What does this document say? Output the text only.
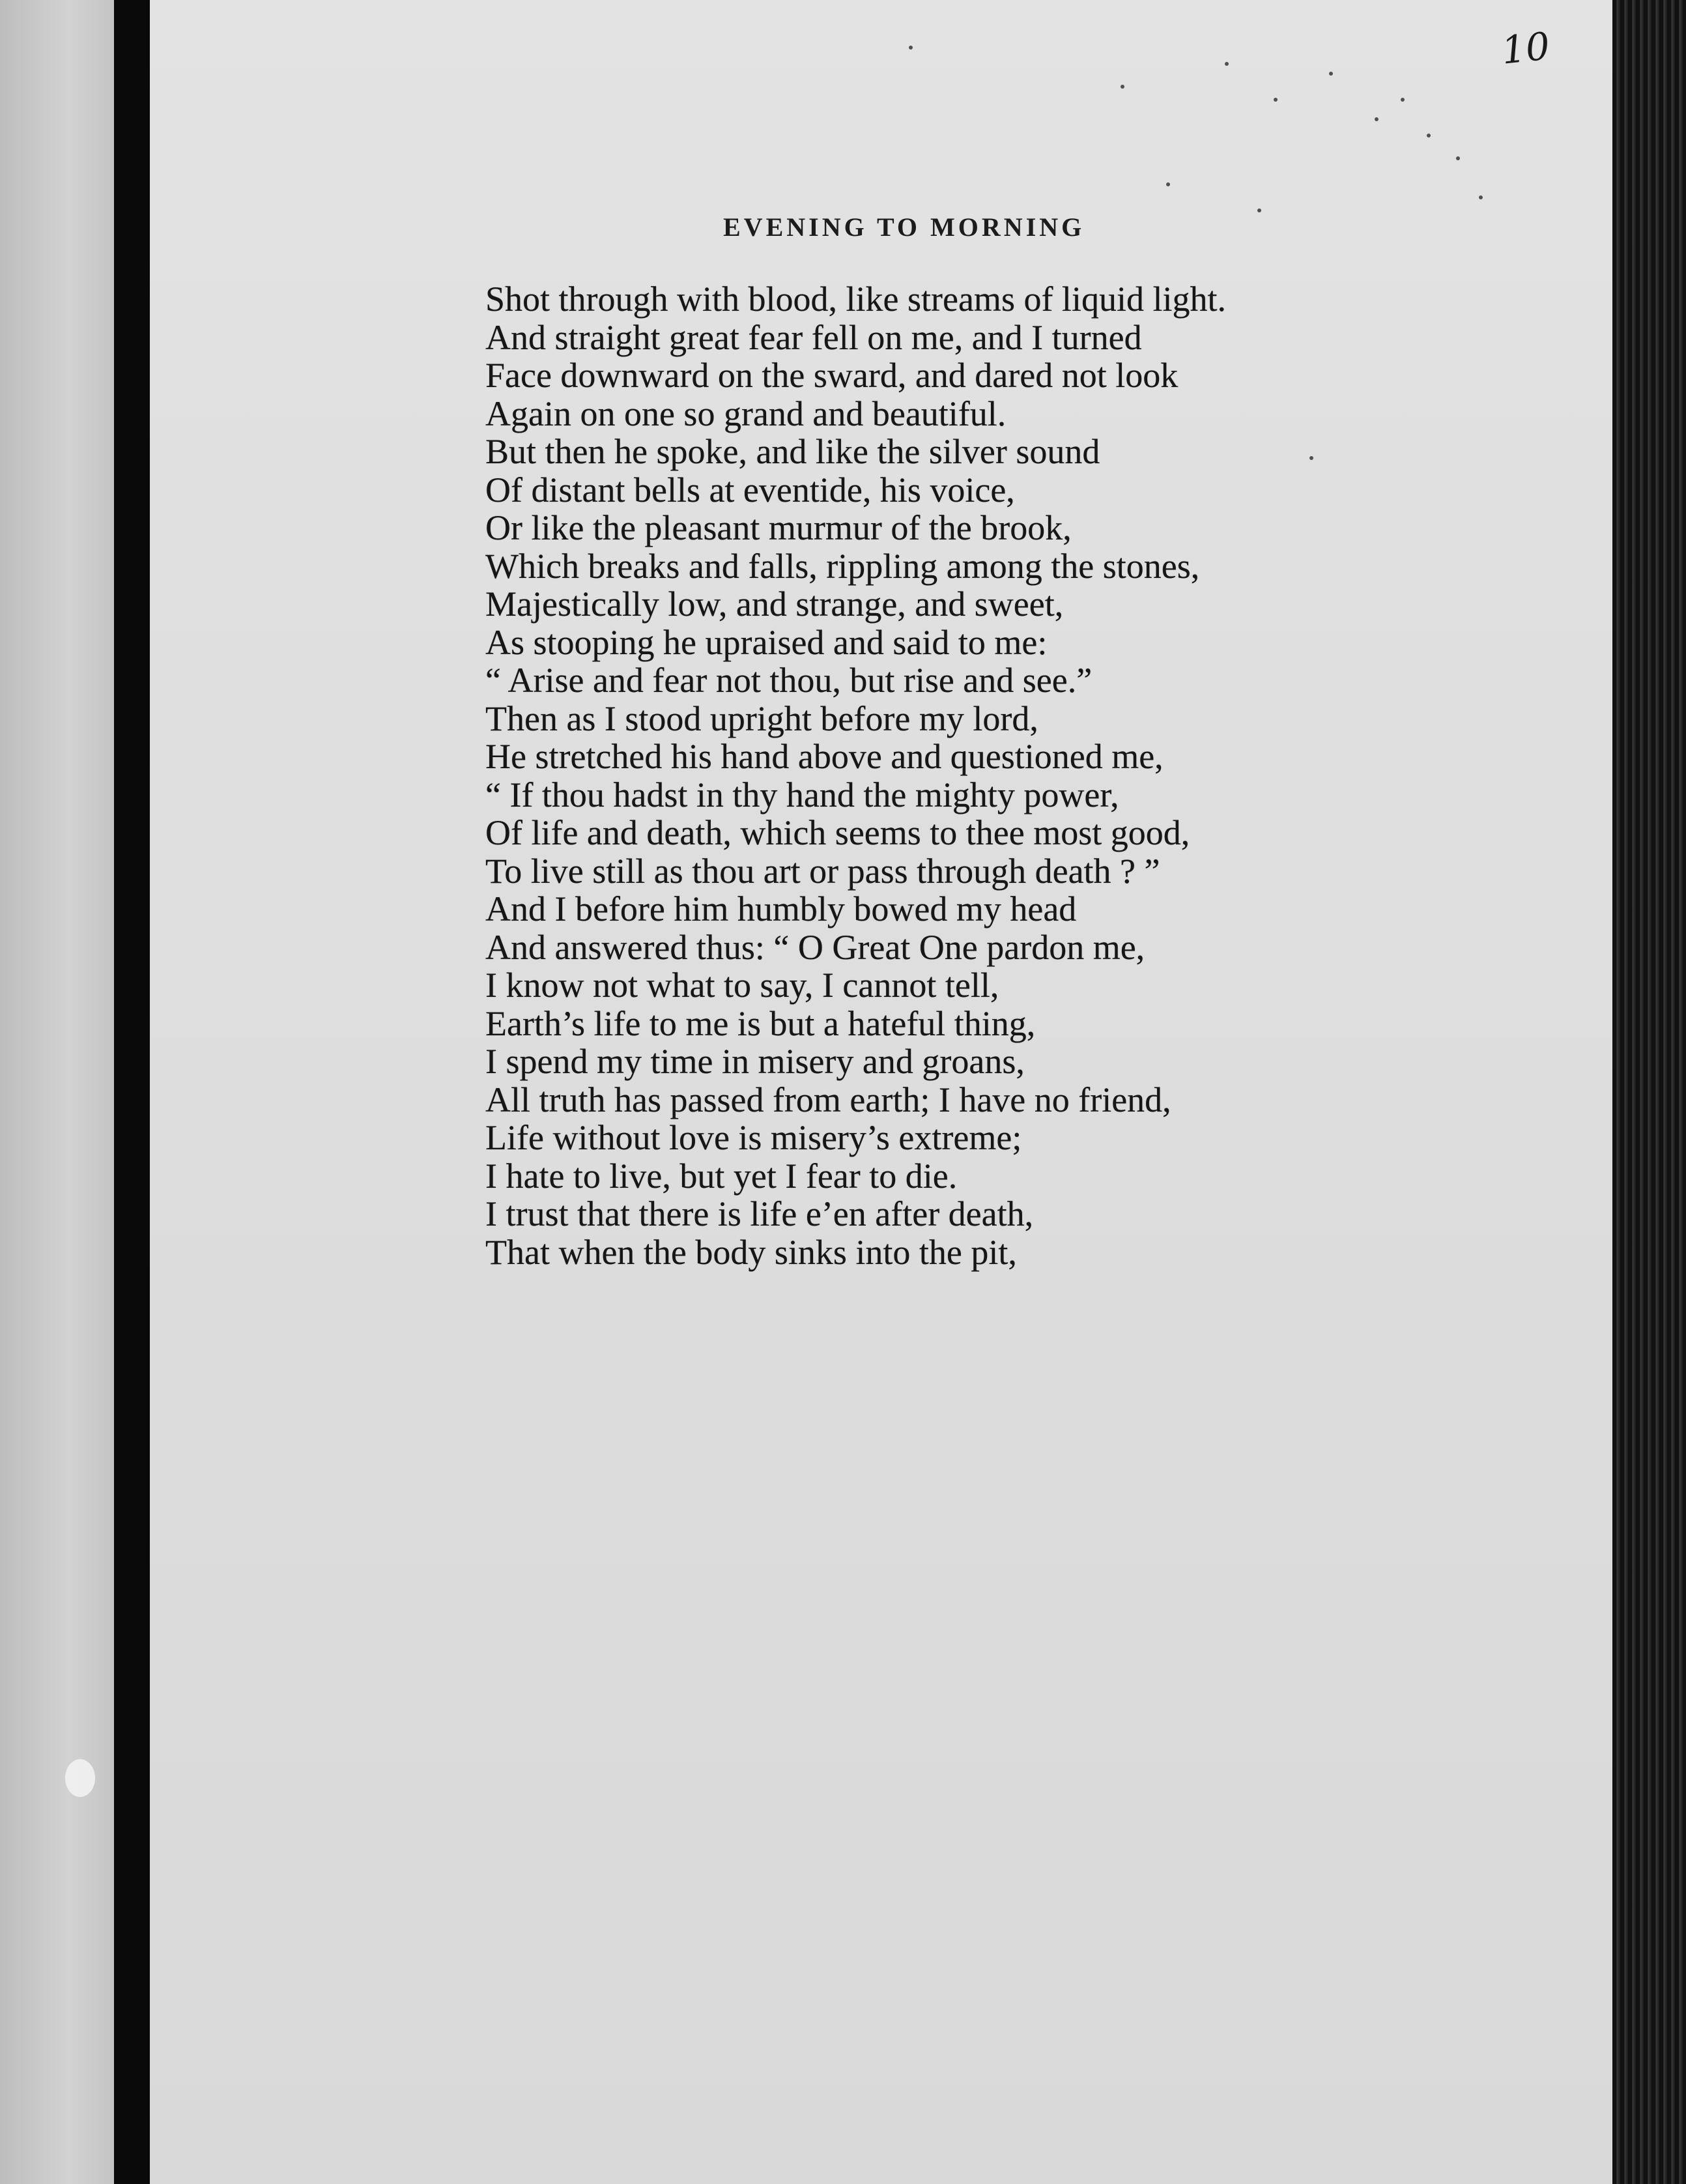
10
EVENING TO MORNING
Shot through with blood, like streams of liquid light.
And straight great fear fell on me, and I turned
Face downward on the sward, and dared not look
Again on one so grand and beautiful.
But then he spoke, and like the silver sound
Of distant bells at eventide, his voice,
Or like the pleasant murmur of the brook,
Which breaks and falls, rippling among the stones,
Majestically low, and strange, and sweet,
As stooping he upraised and said to me:
“ Arise and fear not thou, but rise and see.”
Then as I stood upright before my lord,
He stretched his hand above and questioned me,
“ If thou hadst in thy hand the mighty power,
Of life and death, which seems to thee most good,
To live still as thou art or pass through death ? ”
And I before him humbly bowed my head
And answered thus: “ O Great One pardon me,
I know not what to say, I cannot tell,
Earth’s life to me is but a hateful thing,
I spend my time in misery and groans,
All truth has passed from earth; I have no friend,
Life without love is misery’s extreme;
I hate to live, but yet I fear to die.
I trust that there is life e’en after death,
That when the body sinks into the pit,
